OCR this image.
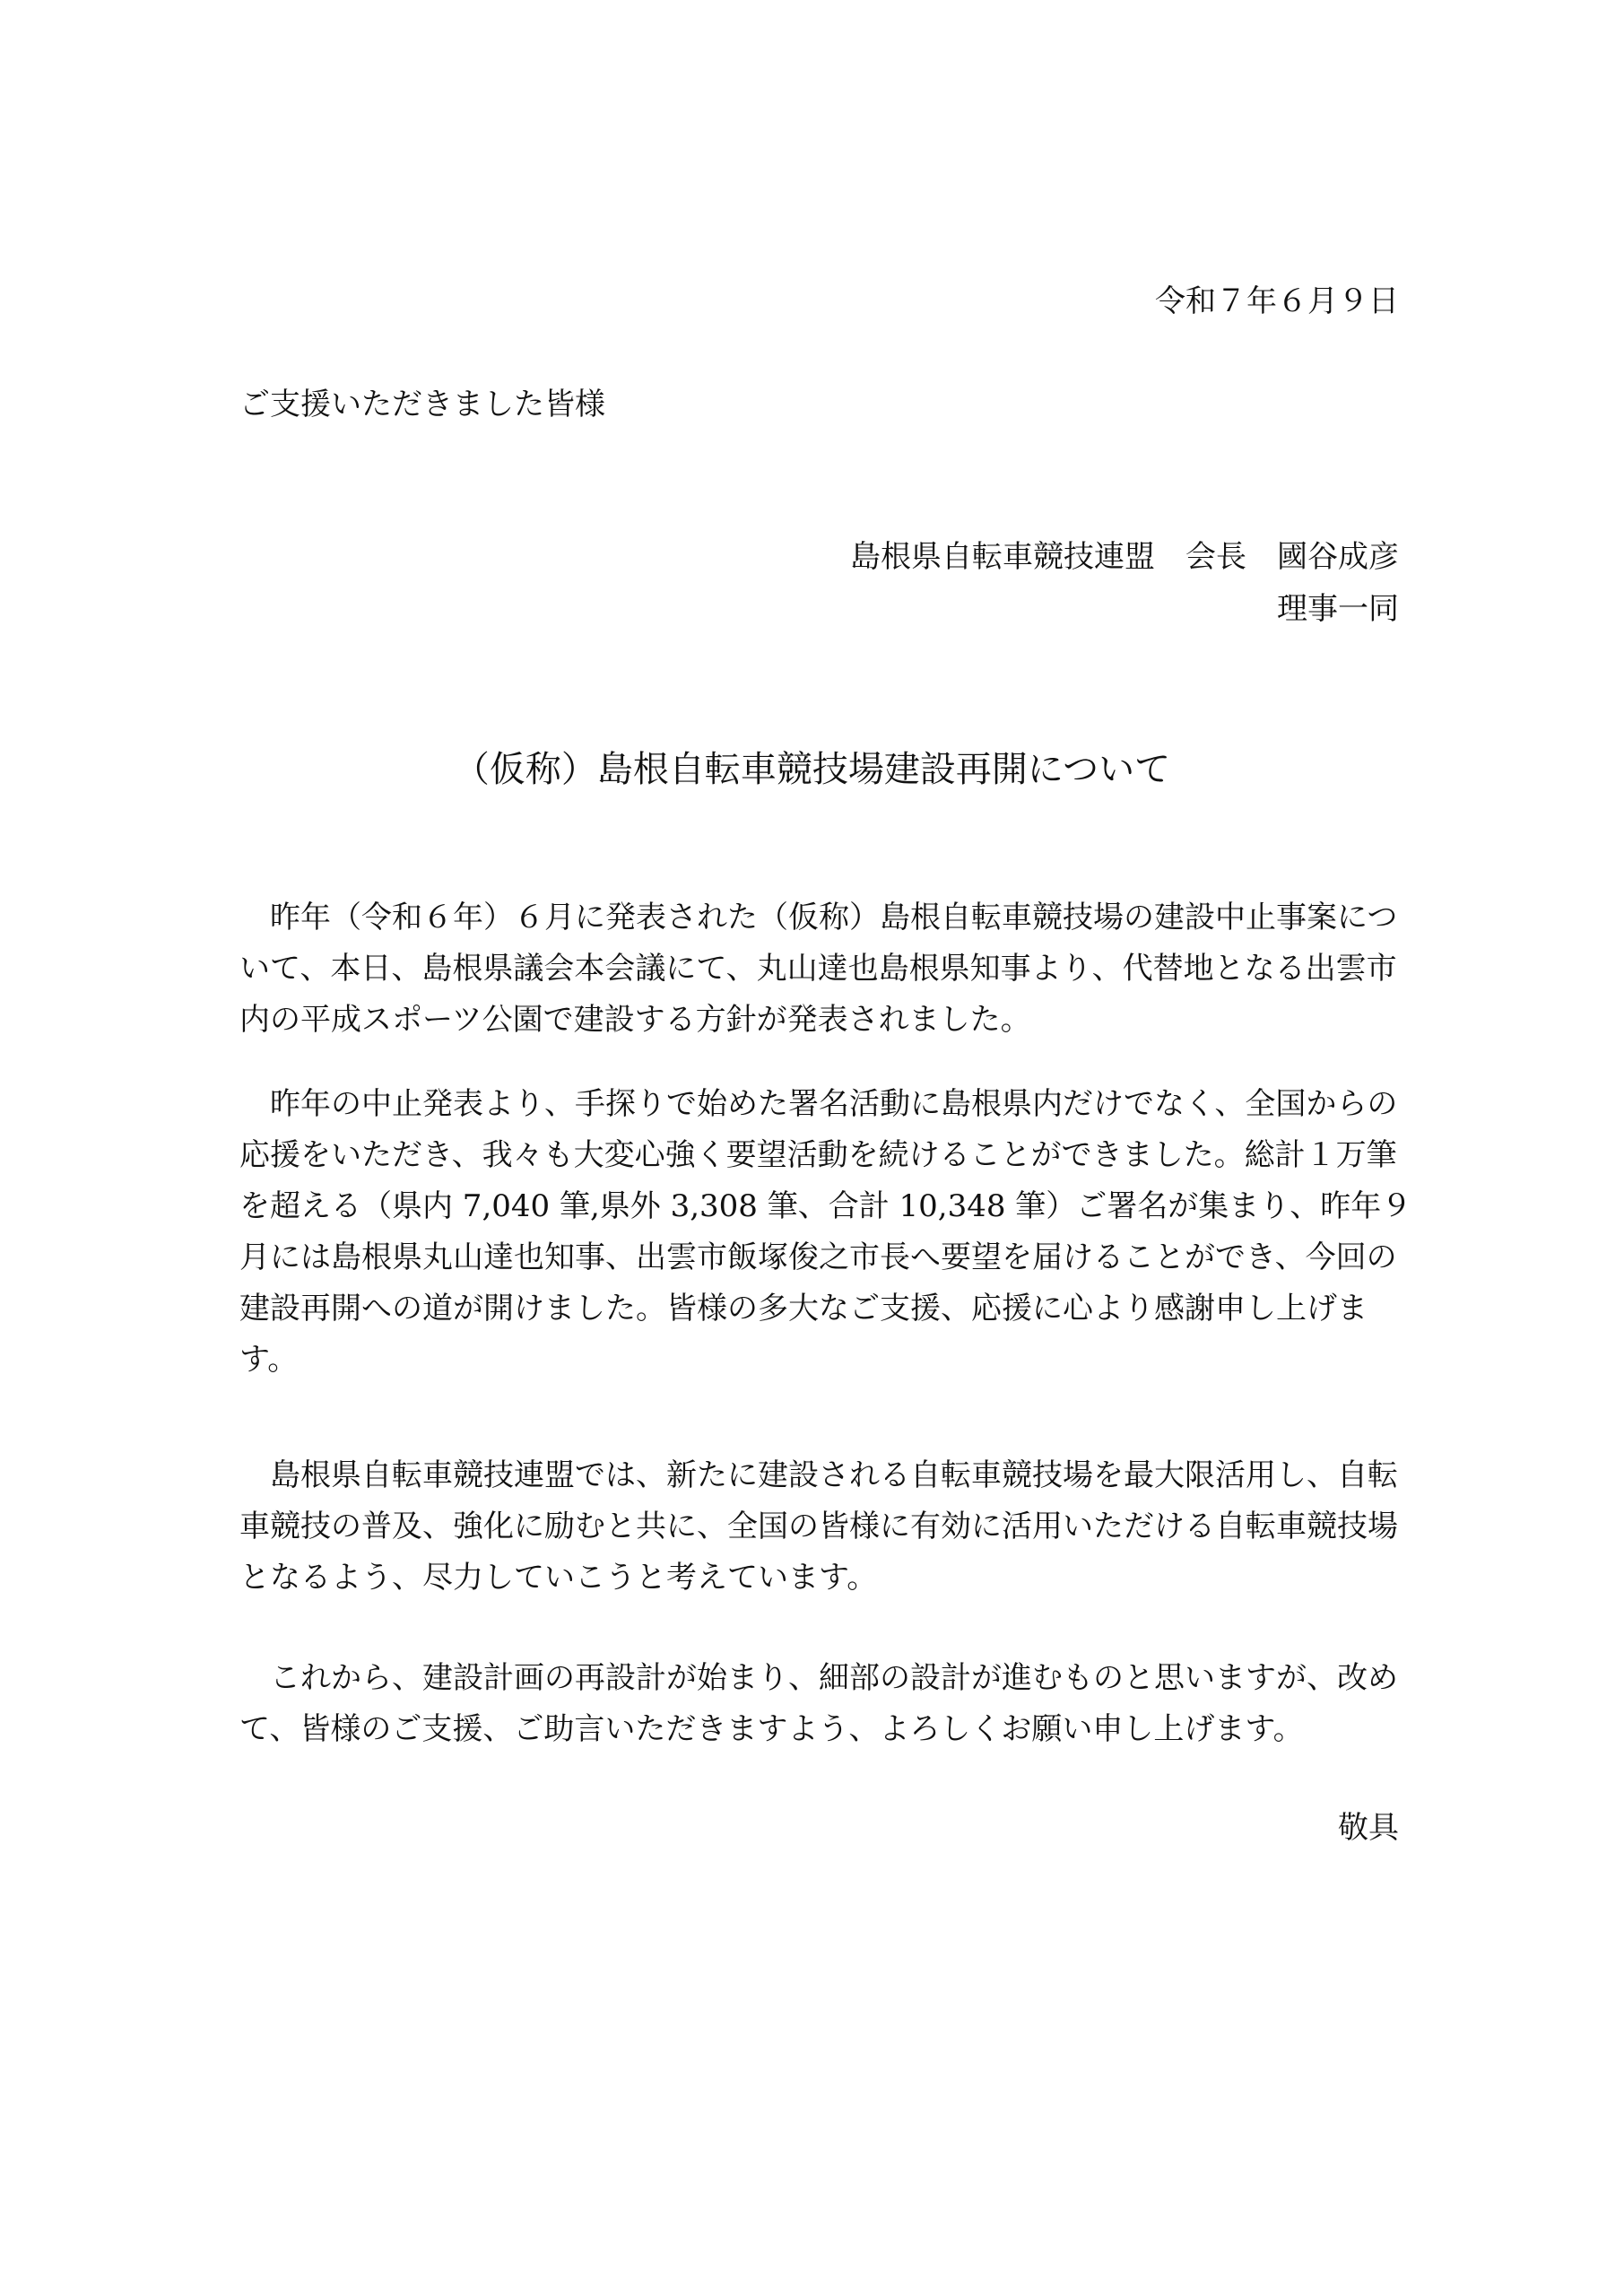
令和７年６月９日
ご支援いただきました皆様
島根県自転車競技連盟　会長　國谷成彦
理事一同
（仮称）島根自転車競技場建設再開について
　昨年（令和６年）６月に発表された（仮称）島根自転車競技場の建設中止事案につ
いて、本日、島根県議会本会議にて、丸山達也島根県知事より、代替地となる出雲市
内の平成スポーツ公園で建設する方針が発表されました。
　昨年の中止発表より、手探りで始めた署名活動に島根県内だけでなく、全国からの
応援をいただき、我々も大変心強く要望活動を続けることができました。総計１万筆
を超える（県内 7,040 筆,県外 3,308 筆、合計 10,348 筆）ご署名が集まり、昨年９
月には島根県丸山達也知事、出雲市飯塚俊之市長へ要望を届けることができ、今回の
建設再開への道が開けました。皆様の多大なご支援、応援に心より感謝申し上げま
す。
　島根県自転車競技連盟では、新たに建設される自転車競技場を最大限活用し、自転
車競技の普及、強化に励むと共に、全国の皆様に有効に活用いただける自転車競技場
となるよう、尽力していこうと考えています。
　これから、建設計画の再設計が始まり、細部の設計が進むものと思いますが、改め
て、皆様のご支援、ご助言いただきますよう、よろしくお願い申し上げます。
敬具
